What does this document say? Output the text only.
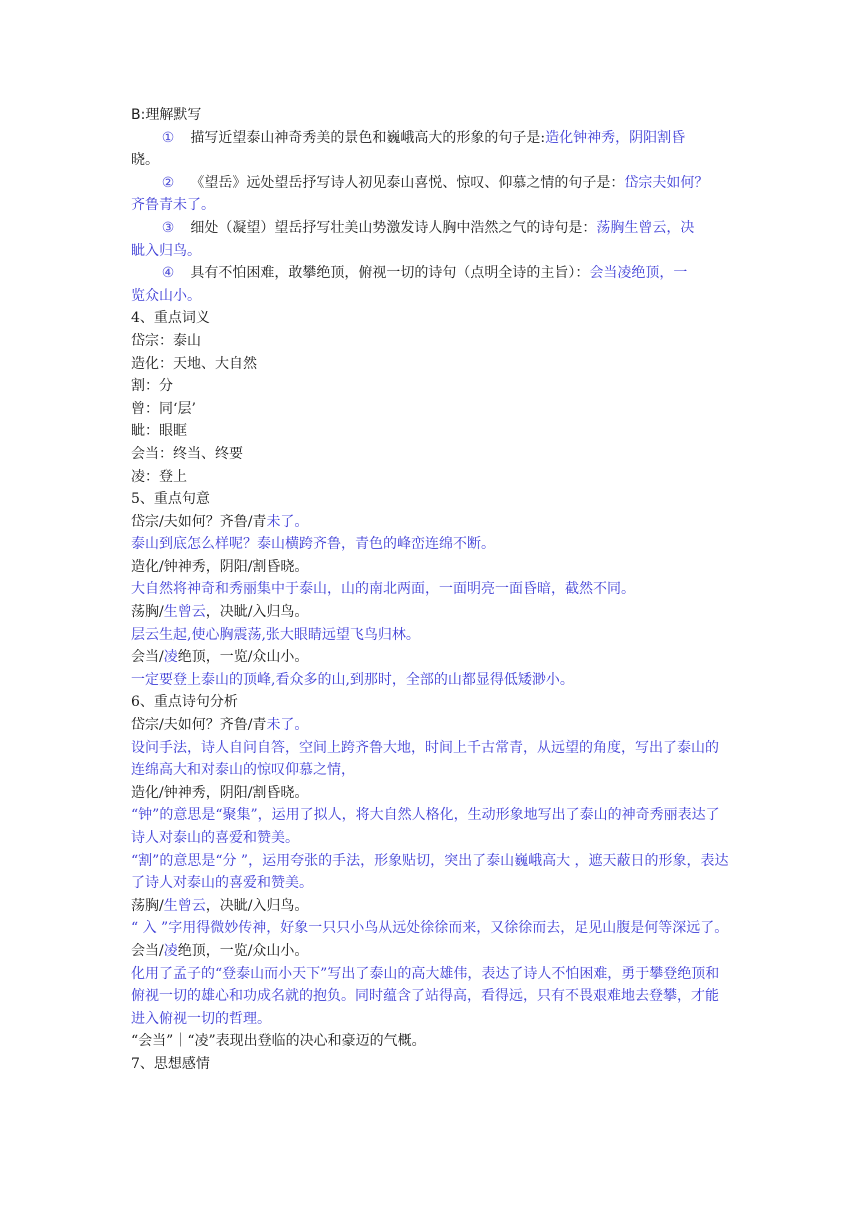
B:理解默写
① 描写近望泰山神奇秀美的景色和巍峨高大的形象的句子是:造化钟神秀，阴阳割昏
晓。
② 《望岳》远处望岳抒写诗人初见泰山喜悦、惊叹、仰慕之情的句子是：岱宗夫如何？
齐鲁青未了。
③ 细处（凝望）望岳抒写壮美山势激发诗人胸中浩然之气的诗句是：荡胸生曾云，决
眦入归鸟。
④ 具有不怕困难，敢攀绝顶，俯视一切的诗句（点明全诗的主旨）：会当凌绝顶，一
览众山小。
4、重点词义
岱宗：泰山
造化：天地、大自然
割：分
曾：同‘层’
眦：眼眶
会当：终当、终要
凌：登上
5、重点句意
岱宗/夫如何？齐鲁/青未了。
泰山到底怎么样呢？泰山横跨齐鲁，青色的峰峦连绵不断。
造化/钟神秀，阴阳/割昏晓。
大自然将神奇和秀丽集中于泰山，山的南北两面，一面明亮一面昏暗，截然不同。
荡胸/生曾云，决眦/入归鸟。
层云生起,使心胸震荡,张大眼睛远望飞鸟归林。
会当/凌绝顶，一览/众山小。
一定要登上泰山的顶峰,看众多的山,到那时，全部的山都显得低矮渺小。
6、重点诗句分析
岱宗/夫如何？齐鲁/青未了。
设问手法，诗人自问自答，空间上跨齐鲁大地，时间上千古常青，从远望的角度，写出了泰山的连绵高大和对泰山的惊叹仰慕之情，
造化/钟神秀，阴阳/割昏晓。
“钟”的意思是“聚集”，运用了拟人，将大自然人格化，生动形象地写出了泰山的神奇秀丽表达了诗人对泰山的喜爱和赞美。
“割”的意思是“分 ”，运用夸张的手法，形象贴切，突出了泰山巍峨高大 ，遮天蔽日的形象，表达了诗人对泰山的喜爱和赞美。
荡胸/生曾云，决眦/入归鸟。
“ 入 ”字用得微妙传神，好象一只只小鸟从远处徐徐而来，又徐徐而去，足见山腹是何等深远了。
会当/凌绝顶，一览/众山小。
化用了孟子的“登泰山而小天下”写出了泰山的高大雄伟，表达了诗人不怕困难，勇于攀登绝顶和俯视一切的雄心和功成名就的抱负。同时蕴含了站得高，看得远，只有不畏艰难地去登攀，才能进入俯视一切的哲理。
“会当”｜“凌”表现出登临的决心和豪迈的气概。
7、思想感情
